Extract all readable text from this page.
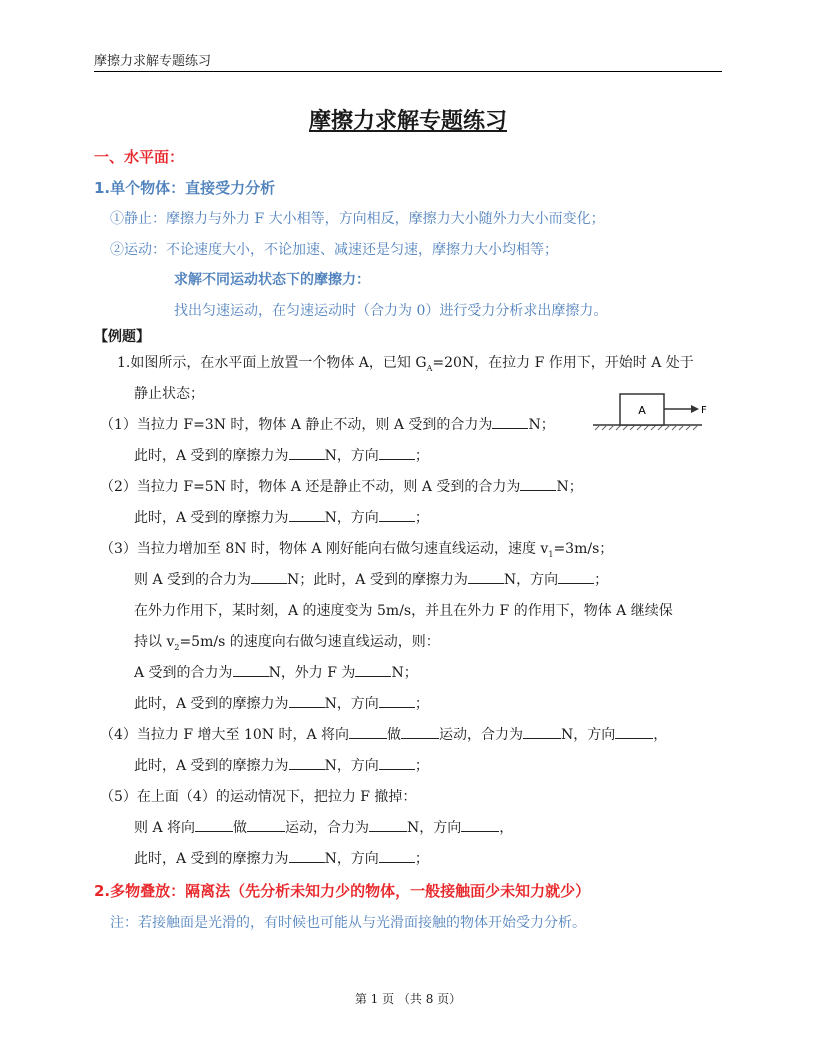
摩擦力求解专题练习
摩擦力求解专题练习
一、水平面：
1.单个物体：直接受力分析
①静止：摩擦力与外力 F 大小相等，方向相反，摩擦力大小随外力大小而变化；
②运动：不论速度大小，不论加速、减速还是匀速，摩擦力大小均相等；
求解不同运动状态下的摩擦力：
找出匀速运动，在匀速运动时（合力为 0）进行受力分析求出摩擦力。
【例题】
1.如图所示，在水平面上放置一个物体 A，已知 $G_A=20N$，在拉力 F 作用下，开始时 A 处于
静止状态；
A	F
（1）当拉力 F=3N 时，物体 A 静止不动，则 A 受到的合力为	N；
此时，A 受到的摩擦力为	N，方向	；
（2）当拉力 F=5N 时，物体 A 还是静止不动，则 A 受到的合力为	N；
此时，A 受到的摩擦力为	N，方向	；
（3）当拉力增加至 8N 时，物体 A 刚好能向右做匀速直线运动，速度 $v_1=3m/s$；
则 A 受到的合力为	N；此时，A 受到的摩擦力为	N，方向	；
在外力作用下，某时刻，A 的速度变为 5m/s，并且在外力 F 的作用下，物体 A 继续保
持以 $v_2=5m/s$ 的速度向右做匀速直线运动，则：
A 受到的合力为	N，外力 F 为	N；
此时，A 受到的摩擦力为	N，方向	；
（4）当拉力 F 增大至 10N 时，A 将向	做	运动，合力为	N，方向	，
此时，A 受到的摩擦力为	N，方向	；
（5）在上面（4）的运动情况下，把拉力 F 撤掉：
则 A 将向	做	运动，合力为	N，方向	，
此时，A 受到的摩擦力为	N，方向	；
2.多物叠放：隔离法（先分析未知力少的物体，一般接触面少未知力就少）
注：若接触面是光滑的，有时候也可能从与光滑面接触的物体开始受力分析。
第 1 页 （共 8 页）
